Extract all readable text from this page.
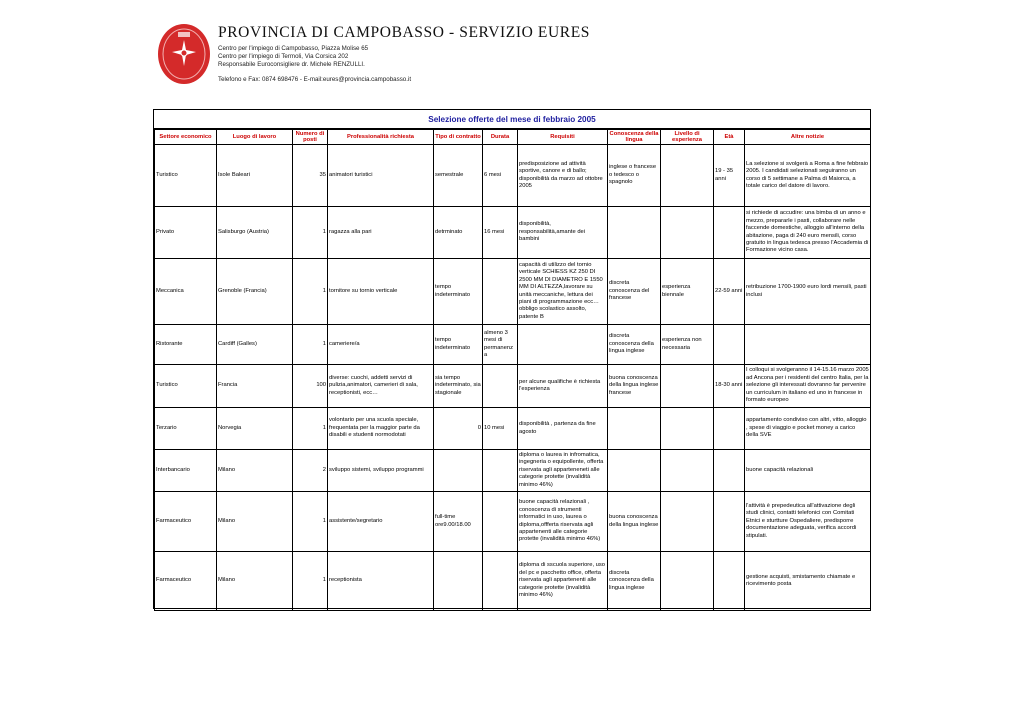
PROVINCIA DI CAMPOBASSO - SERVIZIO EURES
Centro per l'impiego di Campobasso, Piazza Molise 65
Centro per l'impiego di Termoli, Via Corsica 202
Responsabile Euroconsigliere dr. Michele RENZULLI.
Telefono e Fax: 0874 698476 - E-mail:eures@provincia.campobasso.it
Selezione offerte del mese di febbraio 2005
Settore economico	Luogo di lavoro	Numero di posti	Professionalità richiesta	Tipo di contratto	Durata	Requisiti	Conoscenza della lingua	Livello di esperienza	Età	Altre notizie
Turistico	Isole Baleari	35	animatori turistici	semestrale	6 mesi	predisposizione ad attività sportive, canore e di ballo; disponibilità da marzo ad ottobre 2005	inglese o francese o tedesco o spagnolo		19 - 35 anni	La selezione si svolgerà a Roma a fine febbraio 2005. I candidati selezionati seguiranno un corso di 5 settimane a Palma di Maiorca, a totale carico del datore di lavoro.
Privato	Salisburgo (Austria)	1	ragazza alla pari	detrminato	16 mesi	disponibilità, responsabilità,amante dei bambini				si richiede di accudire: una bimba di un anno e mezzo, prepararle i pasti, collaborare nelle faccende domestiche, alloggio all'interno della abitazione, paga di 240 euro mensili, corso gratuito in lingua tedesca presso l'Accademia di Formazione vicino casa.
Meccanica	Grenoble (Francia)	1	tornitore su tornio verticale	tempo indeterminato		capacità di utilizzo del tornio verticale SCHIESS KZ 250 DI 2500 MM DI DIAMETRO E 1550 MM DI ALTEZZA,lavorare su unità meccaniche, lettura dei piani di programmazione ecc… obbligo scolastico assolto, patente B	discreta conoscenza del francese	esperienza biennale	22-59 anni	retribuzione 1700-1900 euro lordi mensili, pasti inclusi
Ristorante	Cardiff (Galles)	1	cameriere/a	tempo indeterminato	almeno 3 mesi di permanenza		discreta conoscenza della lingua inglese	esperienza non necessaria		
Turistico	Francia	100	diverse: cuochi, addetti servizi di pulizia,animatori, camerieri di sala, receptionisti, ecc…	sia tempo indeterminato, sia stagionale		per alcune qualifiche è richiesta l'esperienza	buona conoscenza della lingua inglese francese		18-30 anni	I colloqui si svolgeranno il 14-15.16 marzo 2005 ad Ancona per i residenti del centro Italia, per la selezione gli interessati dovranno far pervenire un curriculum in italiano ed uno in francese in formato europeo
Terzario	Norvegia	1	volontario per una scuola speciale, frequentata per la maggior parte da disabili e studenti normodotati	0	10 mesi	disponibilità , partenza da fine agosto				appartamento condiviso con altri, vitto, alloggio , spese di viaggio e pocket money a carico della SVE
Interbancario	Milano	2	sviluppo sistemi, sviluppo programmi			diploma o laurea in infromatica, ingegneria o equipollente, offerta riservata agli apparteneneti alle categorie protette (invalidità minimo 46%)				buone capacità relazionali
Farmaceutico	Milano	1	assistente/segretario	full-time ore9.00/18.00		buone capacità relazionali , conoscenza di strumenti informatici in uso, laurea o diploma,offferta riservata agli appartenenti alle categorie protette (invalidità minimo 46%)	buona conoscenza della lingua inglese			l'attività è prepedeutica all'attivazione degli studi clinici, contatti telefonici con Comitati Etnici e sturtture Ospedaliere, predisporre documentazione adeguata, verifica accordi stipulati.
Farmaceutico	Milano	1	receptionista			diploma di sscuola superiore, uso del pc e pacchetto office, offerta riservata agli appartenenti alle categorie protette (invalidità minimo 46%)	discreta conoscenza della lingua inglese			gestione acquisti, smistamento chiamate e ricevimento posta
